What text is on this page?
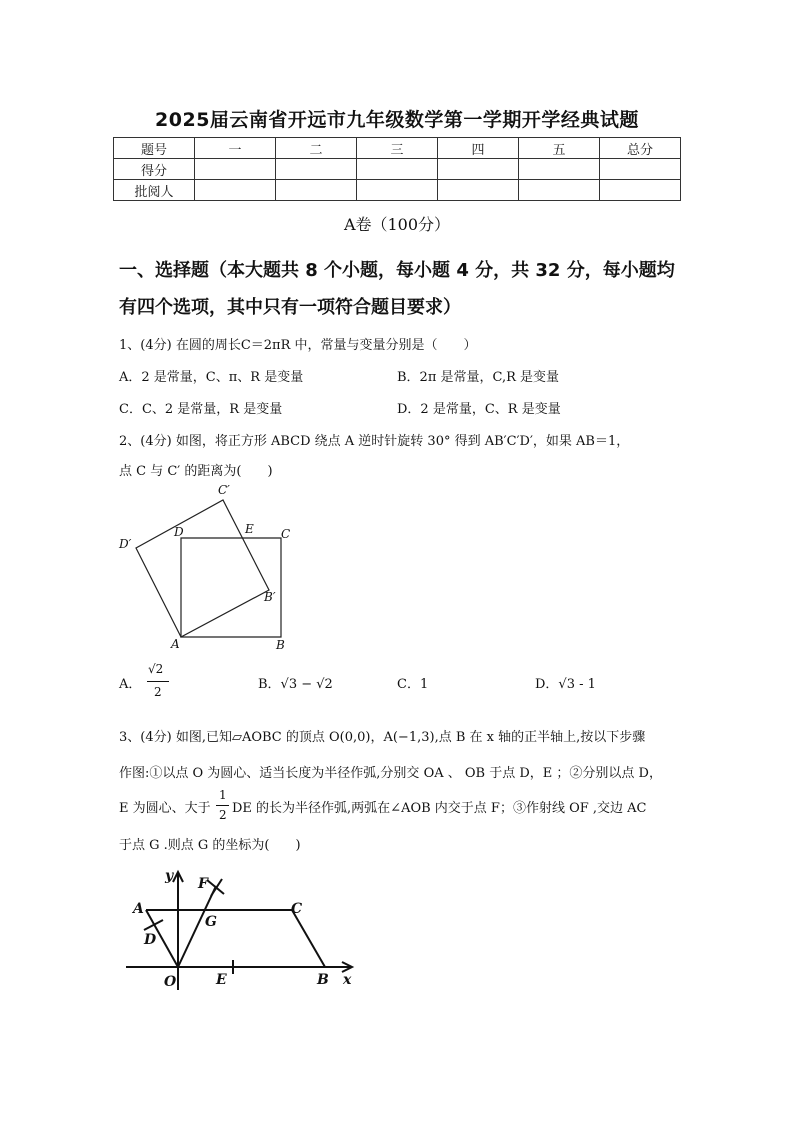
2025届云南省开远市九年级数学第一学期开学经典试题
题号	一	二	三	四	五	总分
得分						
批阅人						
A卷（100分）
一、选择题（本大题共 8 个小题，每小题 4 分，共 32 分，每小题均
有四个选项，其中只有一项符合题目要求）
1、(4分) 在圆的周长C＝2πR 中，常量与变量分别是（　　）
A．2 是常量，C、π、R 是变量	B．2π 是常量，C,R 是变量
C．C、2 是常量，R 是变量	D．2 是常量，C、R 是变量
2、(4分) 如图，将正方形 ABCD 绕点 A 逆时针旋转 30° 得到 AB′C′D′，如果 AB＝1，
点 C 与 C′ 的距离为(　　)
C′
D	E C
D′
B′
A	B
A．
√2
2	B．√3 − √2	C．1	D．√3 - 1
3、(4分) 如图,已知▱AOBC 的顶点 O(0,0)，A(−1,3),点 B 在 x 轴的正半轴上,按以下步骤
作图:①以点 O 为圆心、适当长度为半径作弧,分别交 OA 、 OB 于点 D，E ；②分别以点 D，
E 为圆心、大于
1
2 DE 的长为半径作弧,两弧在∠AOB 内交于点 F；③作射线 OF ,交边 AC
于点 G .则点 G 的坐标为(　　)
y F
A	C
G
D
O	E	B x
